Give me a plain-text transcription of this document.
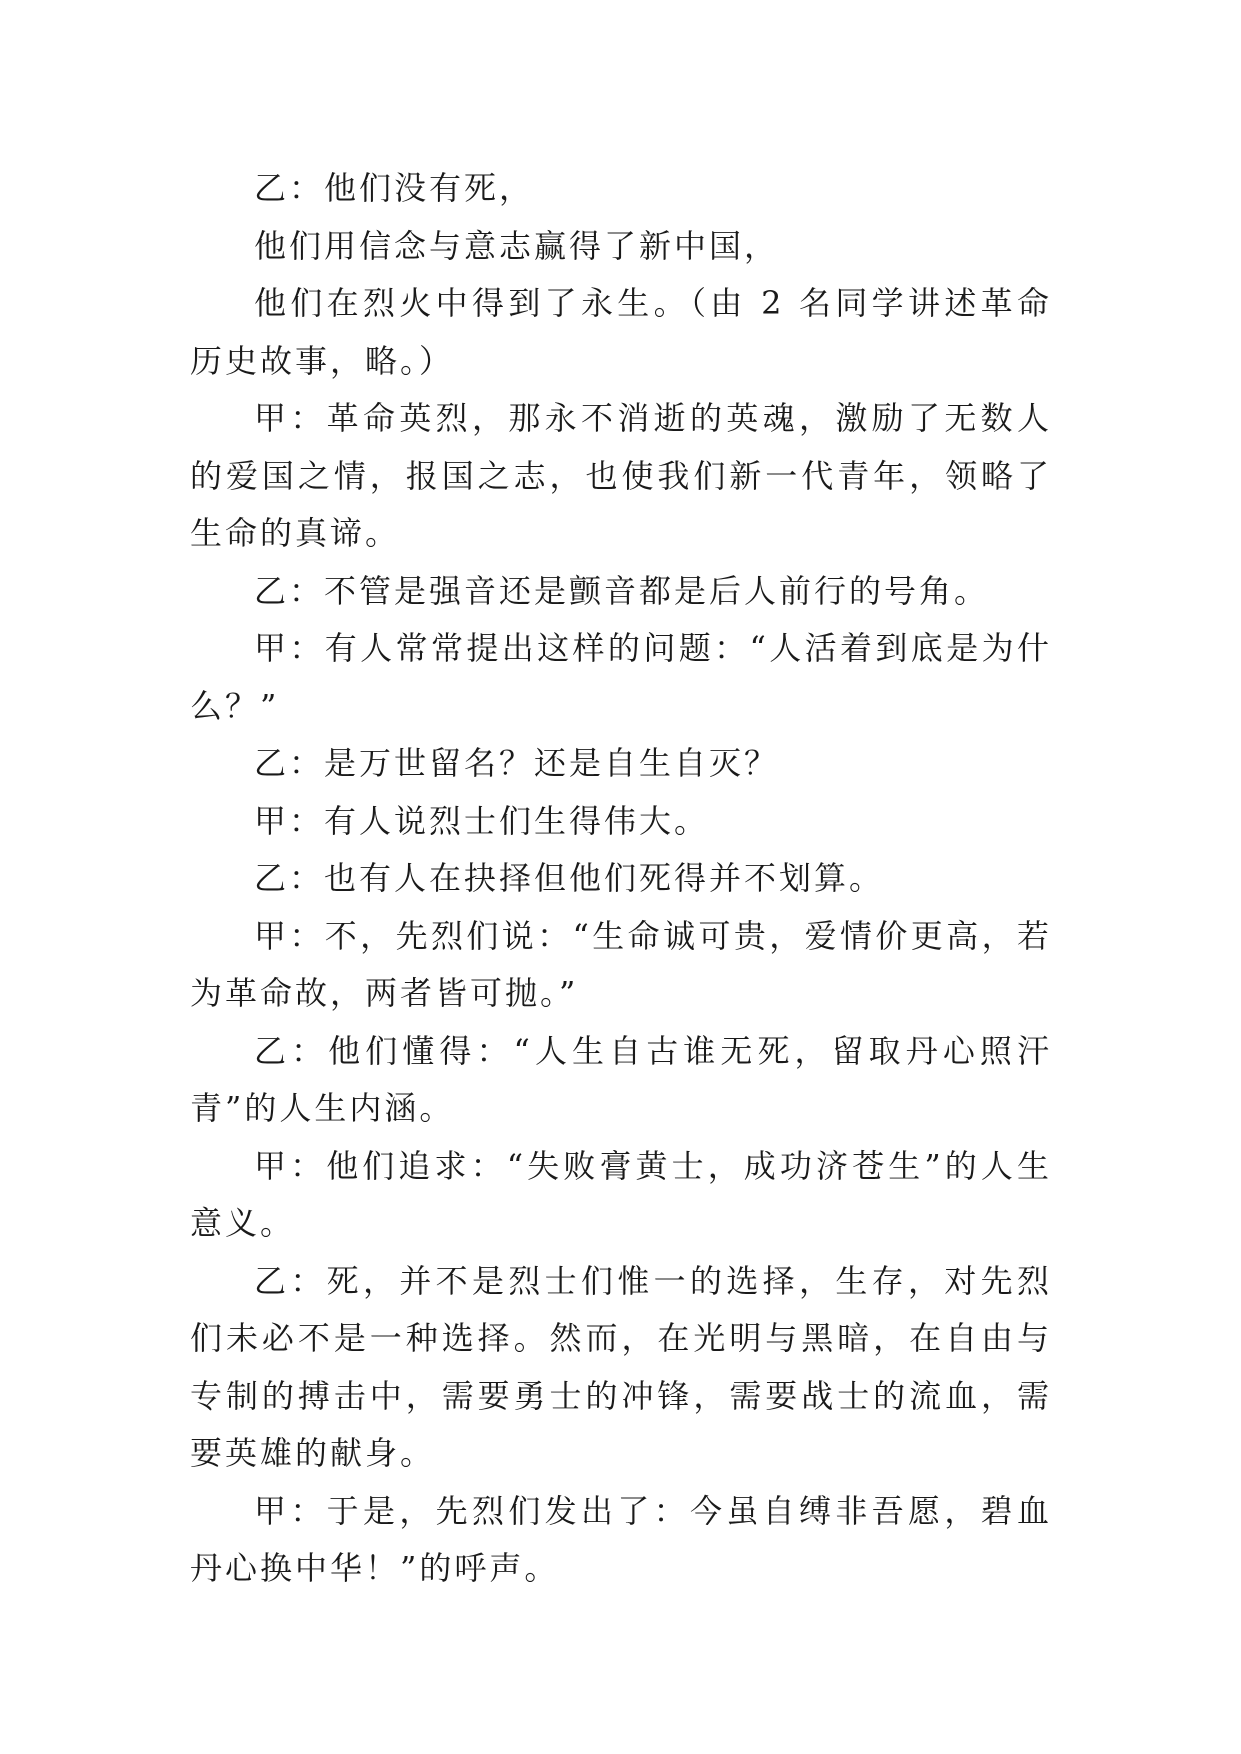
乙：他们没有死，

他们用信念与意志赢得了新中国，

他们在烈火中得到了永生。（由 2 名同学讲述革命历史故事，略。）

甲：革命英烈，那永不消逝的英魂，激励了无数人的爱国之情，报国之志，也使我们新一代青年，领略了生命的真谛。

乙：不管是强音还是颤音都是后人前行的号角。

甲：有人常常提出这样的问题：“人活着到底是为什么？”

乙：是万世留名？还是自生自灭？

甲：有人说烈士们生得伟大。

乙：也有人在抉择但他们死得并不划算。

甲：不，先烈们说：“生命诚可贵，爱情价更高，若为革命故，两者皆可抛。”

乙：他们懂得：“人生自古谁无死，留取丹心照汗青”的人生内涵。

甲：他们追求：“失败膏黄士，成功济苍生”的人生意义。

乙：死，并不是烈士们惟一的选择，生存，对先烈们未必不是一种选择。然而，在光明与黑暗，在自由与专制的搏击中，需要勇士的冲锋，需要战士的流血，需要英雄的献身。

甲：于是，先烈们发出了：今虽自缚非吾愿，碧血丹心换中华！”的呼声。
